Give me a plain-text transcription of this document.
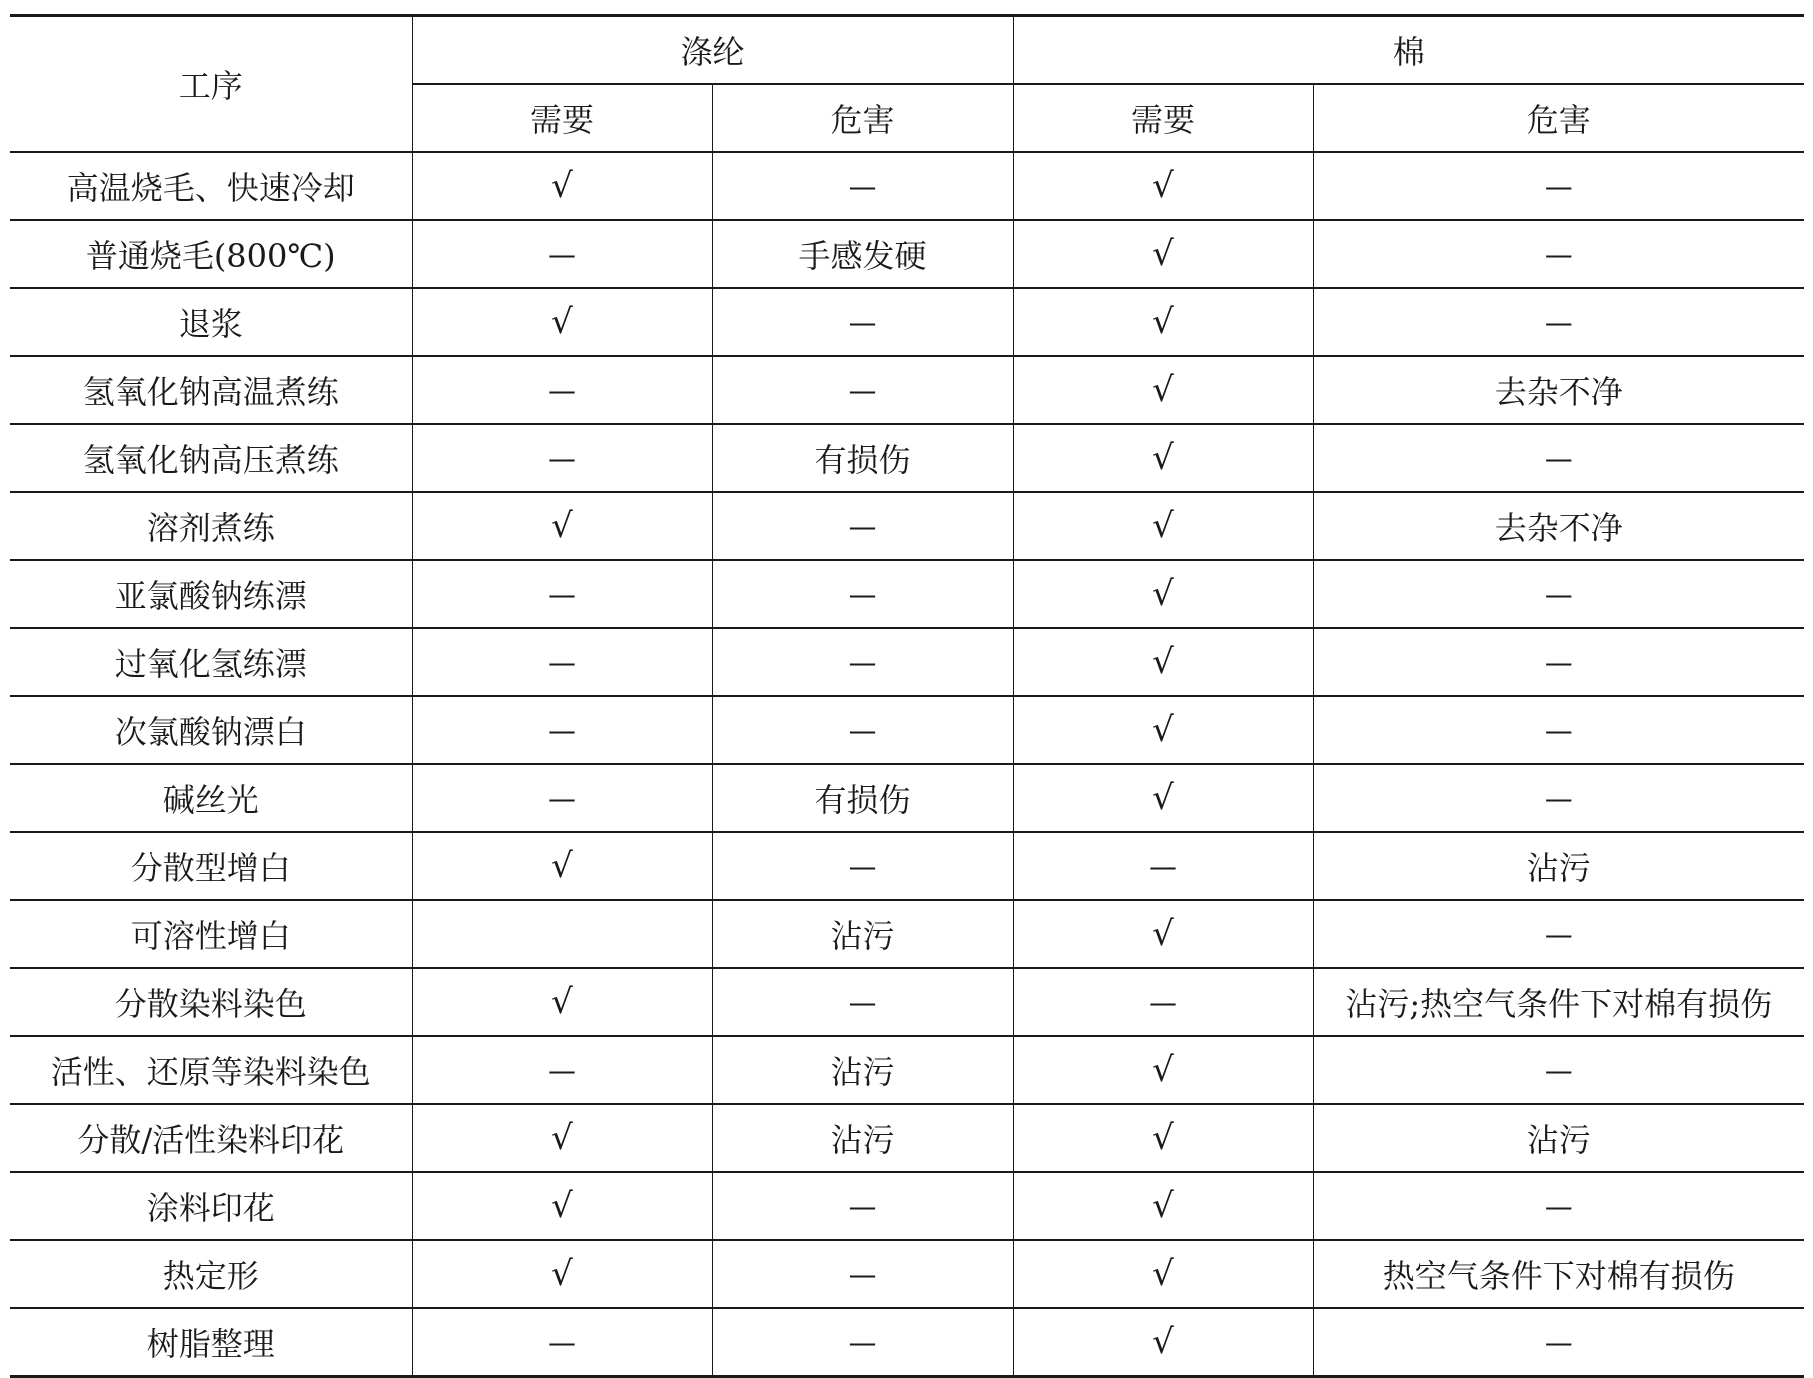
工序	涤纶		棉	
	需要	危害	需要	危害
高温烧毛、快速冷却	√	—	√	—
普通烧毛(800℃)	—	手感发硬	√	—
退浆	√	—	√	—
氢氧化钠高温煮练	—	—	√	去杂不净
氢氧化钠高压煮练	—	有损伤	√	—
溶剂煮练	√	—	√	去杂不净
亚氯酸钠练漂	—	—	√	—
过氧化氢练漂	—	—	√	—
次氯酸钠漂白	—	—	√	—
碱丝光	—	有损伤	√	—
分散型增白	√	—	—	沾污
可溶性增白		沾污	√	—
分散染料染色	√	—	—	沾污;热空气条件下对棉有损伤
活性、还原等染料染色	—	沾污	√	—
分散/活性染料印花	√	沾污	√	沾污
涂料印花	√	—	√	—
热定形	√	—	√	热空气条件下对棉有损伤
树脂整理	—	—	√	—
